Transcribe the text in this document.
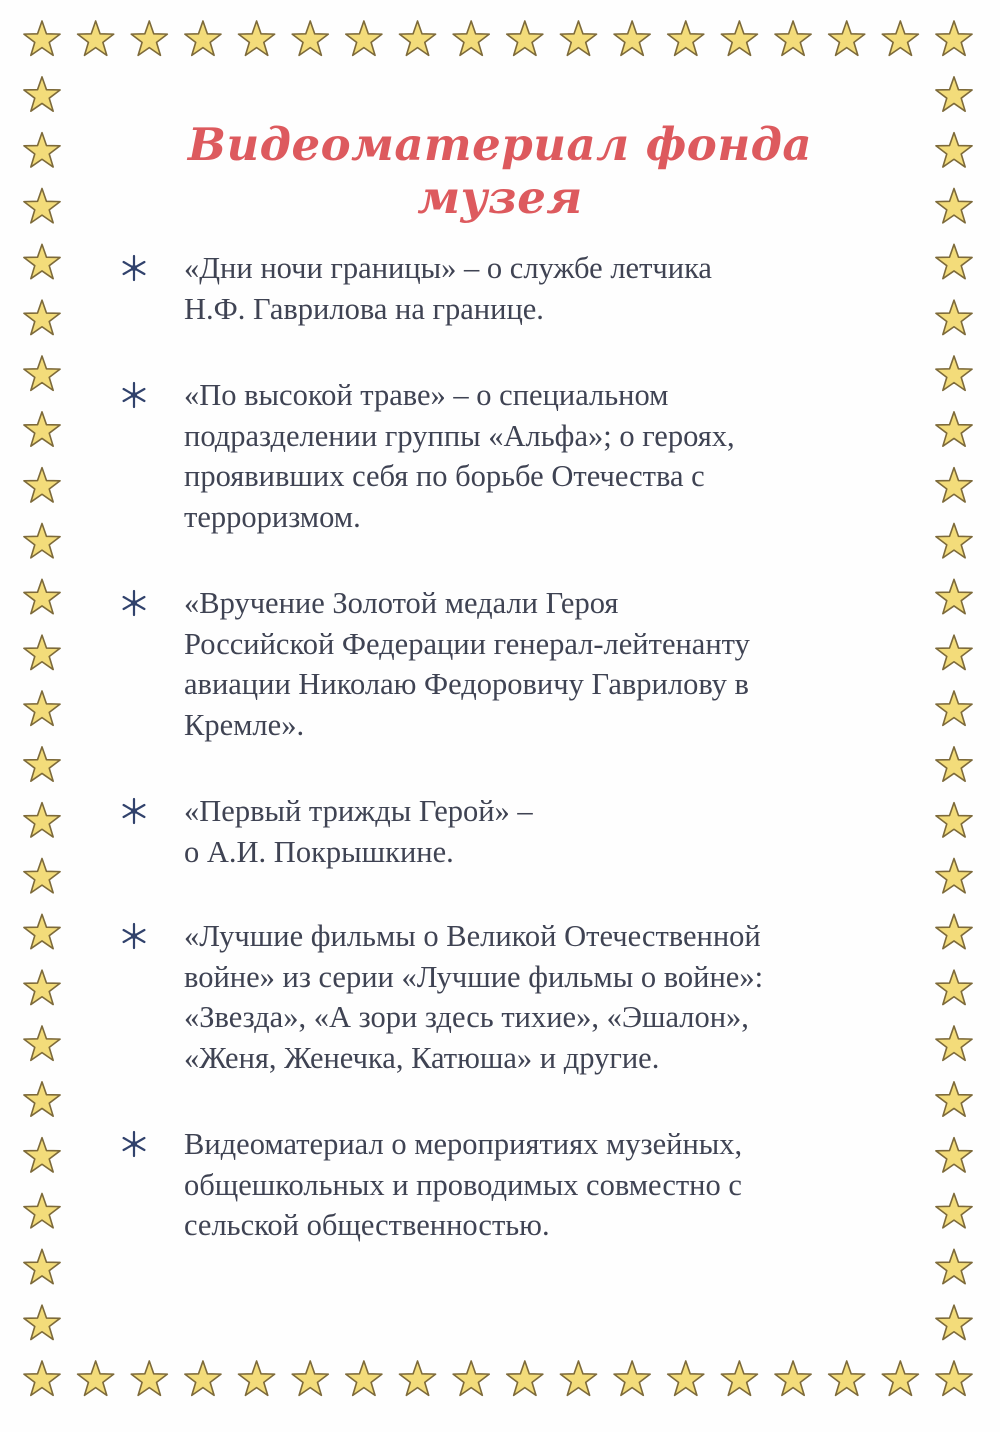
Видеоматериал фонда музея
«Дни ночи границы» – о службе летчика
Н.Ф. Гаврилова на границе.
«По высокой траве» – о специальном
подразделении группы «Альфа»; о героях,
проявивших себя по борьбе Отечества с
терроризмом.
«Вручение Золотой медали Героя
Российской Федерации генерал-лейтенанту
авиации Николаю Федоровичу Гаврилову в
Кремле».
«Первый трижды Герой» –
о А.И. Покрышкине.
«Лучшие фильмы о Великой Отечественной
войне» из серии «Лучшие фильмы о войне»:
«Звезда», «А зори здесь тихие», «Эшалон»,
«Женя, Женечка, Катюша» и другие.
Видеоматериал о мероприятиях музейных,
общешкольных и проводимых совместно с
сельской общественностью.
